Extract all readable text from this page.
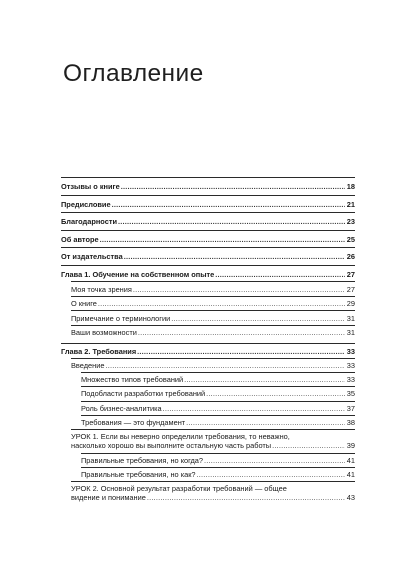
Оглавление
Отзывы о книге .....	18
Предисловие .....	21
Благодарности .....	23
Об авторе .....	25
От издательства .....	26
Глава 1. Обучение на собственном опыте .....	27
Моя точка зрения .....	27
О книге .....	29
Примечание о терминологии .....	31
Ваши возможности .....	31
Глава 2. Требования .....	33
Введение .....	33
Множество типов требований .....	33
Подобласти разработки требований .....	35
Роль бизнес-аналитика .....	37
Требования — это фундамент .....	38
УРОК 1. Если вы неверно определили требования, то неважно,
насколько хорошо вы выполните остальную часть работы .....	39
Правильные требования, но когда? .....	41
Правильные требования, но как? .....	41
УРОК 2. Основной результат разработки требований — общее
видение и понимание .....	43
